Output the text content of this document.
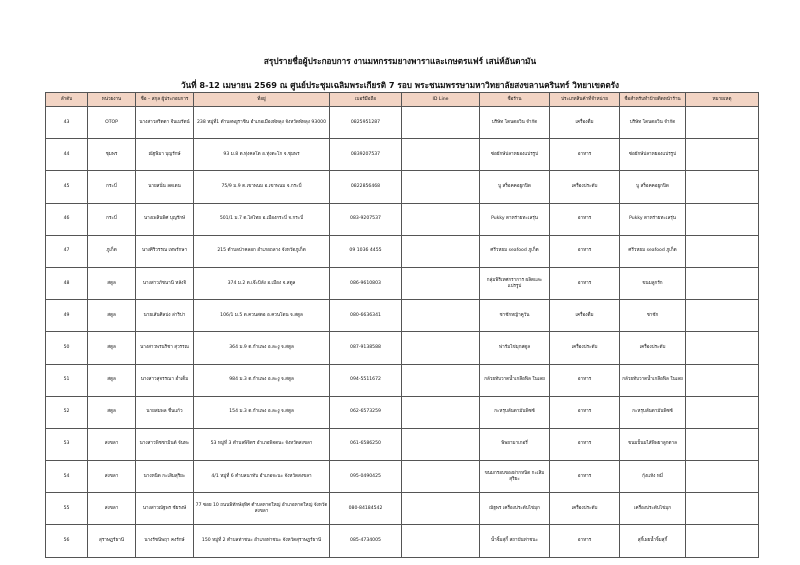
สรุปรายชื่อผู้ประกอบการ งานมหกรรมยางพาราและเกษตรแฟร์ เสน่ห์อันดามัน
วันที่ 8-12 เมษายน 2569 ณ ศูนย์ประชุมเฉลิมพระเกียรติ 7 รอบ พระชนมพรรษามหาวิทยาลัยสงขลานครินทร์ วิทยาเขตตรัง
ลำดับ	หน่วยงาน	ชื่อ – สกุล ผู้ประกอบการ	ที่อยู่	เบอร์มือถือ	ID Line	ชื่อร้าน	ประเภทสินค้าที่จำหน่าย	ชื่อสำหรับทำป้ายติดหน้าร้าน	หมายเหตุ
43	OTOP	นางสาวสริตตา จีนเมรัตน์	238 หมู่ที่1 ตำบลพยูราชิน อำเภอเมืองพัทลุง จังหวัดพัทลุง 93000	0825951287		บริษัท โดนตอวิน จำกัด	เครื่องดื่ม	บริษัท โดนตอวิน จำกัด	
44	ชุมพร	ณัฐพิมา บุญรักษ์	93 ม.8 ต.ทุ่งคลโต อ.ทุ่งตะโก จ.ชุมพร	0839207537		ซ่อยักษ์ปลาหยองแปรรูป	อาหาร	ซ่อยักษ์ปลาหยองแปรรูป	
45	กระบี่	นายสนั่น ลดเดน	75/9 ม.9 ต.เขาพนม อ.เขาพนม จ.กระบี่	0822856468		บู สร็อคคอยูกปิด	เครื่องประดับ	บู สร็อคคอยูกปิด	
46	กระบี่	นางเพลินพิศ บุญรักษ์	501/1 ม.7 ต.ไสไทย อ.เมืองกระบี่ จ.กระบี่	083-9207537		Pukky ตาหร่ายทะเลรุ่น	อาหาร	Pukky ตาหร่ายทะเลรุ่น	
47	ภูเก็ต	นางศิริวรรณ เทพรักษา	215 ตำบลป่าคลอก อำเภอถลาง จังหวัดภูเก็ต	09 1036 4455		ศรีวหยม seafood ภูเก็ต	อาหาร	ศรีวหยม seafood ภูเก็ต	
48	สตูล	นางสาวภัชนานี หลังจิ	374 ม.2 ต.เจ๊ะบิลัง อ.เมือง จ.สตูล	086-9610803		กลุ่มพิริเทศกราการ ผลิตและแปรรูป	อาหาร	ขนมลูกรัก	
49	สตูล	นายเส้นศิลปง ล่าริปา	106/1 ม.5 ต.ควนสตอ อ.ควนโดน จ.สตูล	080-6636341		ชาชักหญ้าคูวัน	เครื่องดื่ม	ชาชัก	
50	สตูล	นางสาวพรนริชา สุวรรณ	364 ม.9 ต.กำแพง อ.ละงู จ.สตูล	087-9138588		ฟาร์มไข่มุกสตูล	เครื่องประดับ	เครื่องประดับ	
51	สตูล	นางสาวสุจรรณา อ่ำเต็ม	984 ม.3 ต.กำแพง อ.ละงู จ.สตูล	094-5511672		กล้วยทับวาดน้ำเกลือฟิล ในเลย	อาหาร	กล้วยทับวาดน้ำเกลือฟิล ในเลย	
52	สตูล	นายสมพล ชื่นแก้ว	154 ม.3 ต.กำแพง อ.ละงู จ.สตูล	062-6573259		กะหรุบลันตามันพิซซ์	อาหาร	กะหรุบลันตามันพิซซ์	
53	สงขลา	นางสาวพิชชามินต์ จันทะ	53 หมู่ที่ 3 ตำบลพิจิตร อำเภอพิจดนะ จังหวัดสงขลา	061-6586250		พิพยามาเกอรี่	อาหาร	ขนมปั้นมไส้พิพยาลูกตาล	
54	สงขลา	นางหนิด กะเสิมสุริยะ	4/1 หมู่ที่ 6 ตำบลนาทับ อำเภอจะนะ จังหวัดสงขลา	095-0490425		ขนมกรอบของฝากหนิด กะเสิมสุริยะ	อาหาร	กุ้งแห้ง หมี่	
55	สงขลา	นางสาวณัฐพร ชัยรงษ์	77 ซอย 10 ถนนพิทักษ์อุทิศ ตำบลหาดใหญ่ อำเภอหาดใหญ่ จังหวัดสงขลา	080-84184542		ณัฐพร เครื่องประดับไข่มุก	เครื่องประดับ	เครื่องประดับไข่มุก	
56	สุราษฎร์ธานี	นางรัชนีพฤา คงรักษ์	150 หมู่ที่ 2 ตำบลท่าชนะ อำเภอท่าชนะ จังหวัดสุราษฎร์ธานี	085-4734005		น้ำจิ้มสุกี้ สถาบันท่าชนะ	อาหาร	สุกี้เผยน้ำจิ้มสุกี้	
